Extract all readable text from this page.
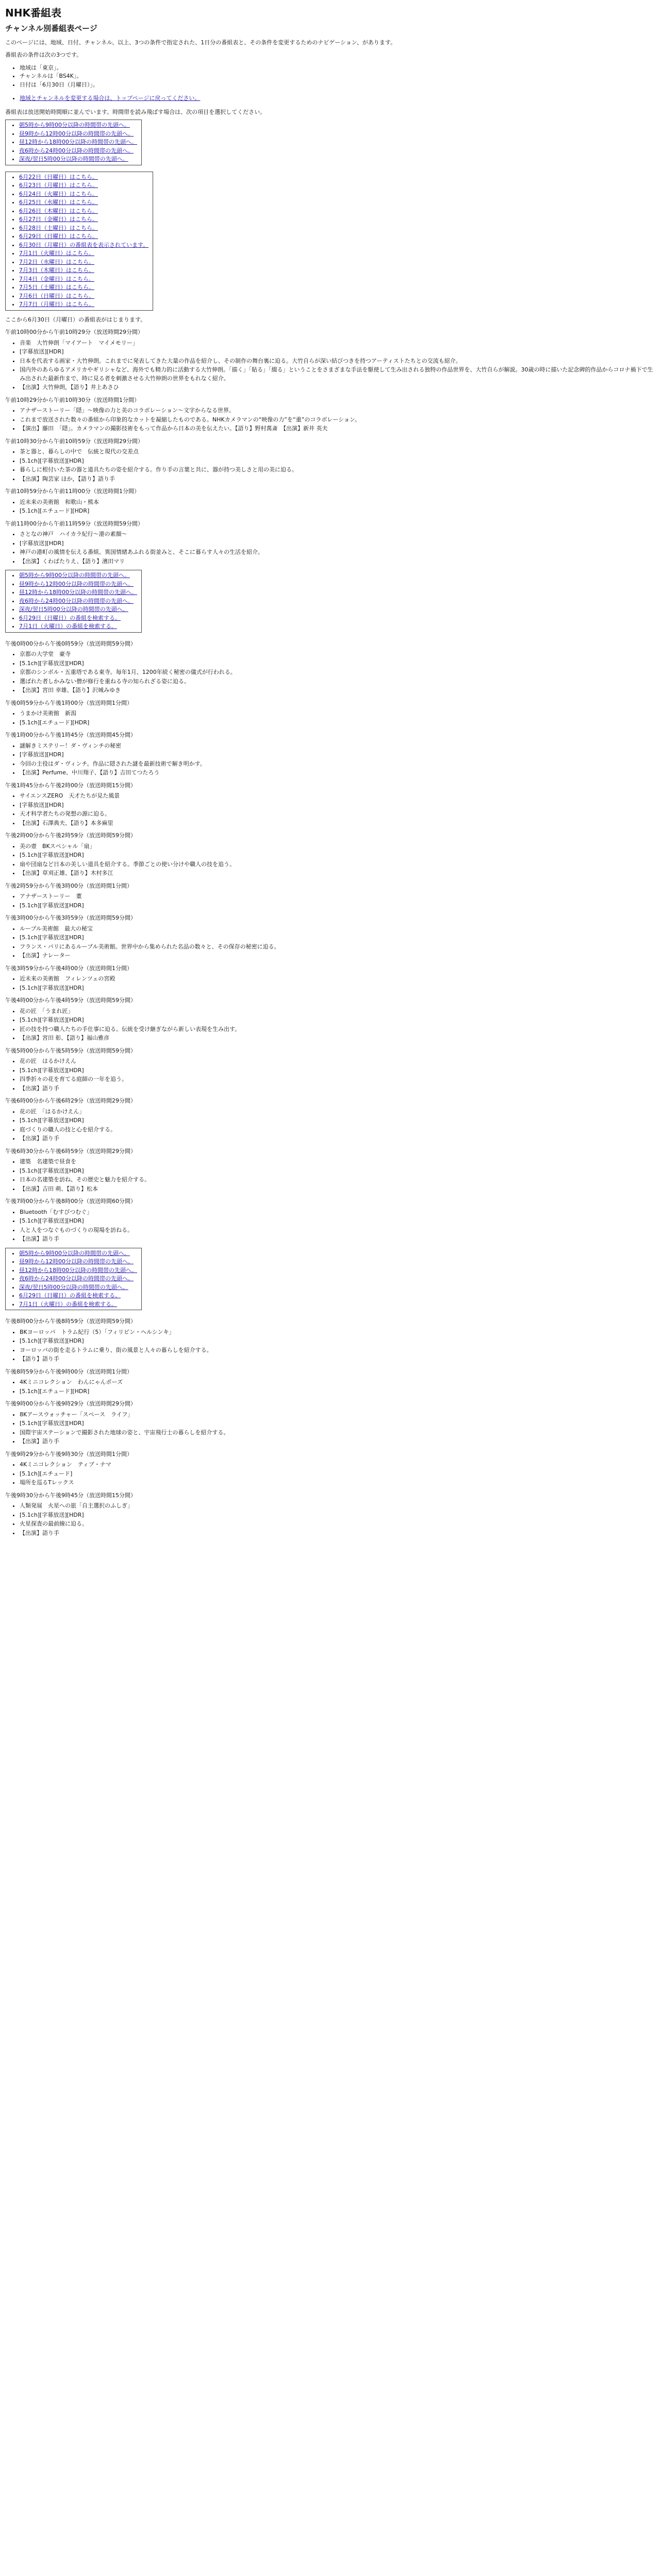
NHK番組表
チャンネル別番組表ページ

このページには、地域、日付、チャンネル、以上、3つの条件で指定された、1日分の番組表と、その条件を変更するためのナビゲーション、があります。

番組表の条件は次の3つです。

• 地域は「東京」。
• チャンネルは「BS4K」。
• 日付は「6月30日（月曜日）」。
• 地域とチャンネルを変更する場合は、トップページに戻ってください。

番組表は放送開始時間順に並んでいます。時間帯を読み飛ばす場合は、次の項目を選択してください。

• 朝5時から9時00分以降の時間帯の先頭へ。
• 昼9時から12時00分以降の時間帯の先頭へ。
• 昼12時から18時00分以降の時間帯の先頭へ。
• 夜6時から24時00分以降の時間帯の先頭へ。
• 深夜/翌日5時00分以降の時間帯の先頭へ。

• 6月22日（日曜日）はこちら。
• 6月23日（月曜日）はこちら。
• 6月24日（火曜日）はこちら。
• 6月25日（水曜日）はこちら。
• 6月26日（木曜日）はこちら。
• 6月27日（金曜日）はこちら。
• 6月28日（土曜日）はこちら。
• 6月29日（日曜日）はこちら。
• 6月30日（月曜日）の番組表を表示されています。
• 7月1日（火曜日）はこちら。
• 7月2日（水曜日）はこちら。
• 7月3日（木曜日）はこちら。
• 7月4日（金曜日）はこちら。
• 7月5日（土曜日）はこちら。
• 7月6日（日曜日）はこちら。
• 7月7日（月曜日）はこちら。

ここから6月30日（月曜日）の番組表がはじまります。

午前10時00分から午前10時29分（放送時間29分間）

• 音楽　大竹伸朗「マイアート　マイメモリー」
• [字幕放送][HDR]
• 日本を代表する画家・大竹伸朗。これまでに発表してきた大量の作品を紹介し、その制作の舞台裏に迫る。大竹自らが深い結びつきを持つアーティストたちとの交流も紹介。
• 国内外のあらゆるアメリカやギリシャなど、海外でも精力的に活動する大竹伸朗。「描く」「貼る」「綴る」ということをさまざまな手法を駆使して生み出される独特の作品世界を、大竹自らが解説。30歳の時に描いた記念碑的作品からコロナ禍下で生み出された最新作まで、時に見る者を刺激させる大竹伸朗の世界をもれなく紹介。
• 【出演】大竹伸朗，【語り】井上あさひ

午前10時29分から午前10時30分（放送時間1分間）

• アナザーストーリー「隠」～映像の力と美のコラボレーション～文字からなる世界。
• これまで放送された数々の番組から印象的なカットを凝縮したものである。NHKカメラマンの“映像の力”を“重”のコラボレーション。
• 【演出】藤田　「隠」。カメラマンの撮影技術をもって作品から日本の美を伝えたい。【語り】野村萬斎　【出演】新井 英夫

午前10時30分から午前10時59分（放送時間29分間）

• 茶と器と、暮らしの中で　伝統と現代の交差点
• [5.1ch][字幕放送][HDR]
• 暮らしに根付いた茶の器と道具たちの姿を紹介する。作り手の言葉と共に、器が持つ美しさと用の美に迫る。
• 【出演】陶芸家 ほか，【語り】語り手

午前10時59分から午前11時00分（放送時間1分間）

• 近未来の美術館　和歌山・熊本
• [5.1ch][エチュード][HDR]

午前11時00分から午前11時59分（放送時間59分間）

• さとなの神戸　ハイカラ紀行～港の素顔～
• [字幕放送][HDR]
• 神戸の港町の風情を伝える番組。異国情緒あふれる街並みと、そこに暮らす人々の生活を紹介。
• 【出演】くわばたりえ、【語り】濱田マリ
• 朝5時から9時00分以降の時間帯の先頭へ。
• 昼9時から12時00分以降の時間帯の先頭へ。
• 昼12時から18時00分以降の時間帯の先頭へ。
• 夜6時から24時00分以降の時間帯の先頭へ。
• 深夜/翌日5時00分以降の時間帯の先頭へ。
• 6月29日（日曜日）の番組を検索する。
• 7月1日（火曜日）の番組を検索する。

午後0時00分から午後0時59分（放送時間59分間）

• 京都の大学堂　豪寺
• [5.1ch][字幕放送][HDR]
• 京都のシンボル・五重塔である東寺。毎年1月、1200年続く秘密の儀式が行われる。
• 選ばれた者しかみない僧が修行を重ねる寺の知られざる姿に迫る。
• 【出演】宮田 幸雄、【語り】沢城みゆき

午後0時59分から午後1時00分（放送時間1分間）

• うまかけ美術館　新潟
• [5.1ch][エチュード][HDR]

午後1時00分から午後1時45分（放送時間45分間）

• 謎解きミステリー！ダ・ヴィンチの秘密
• [字幕放送][HDR]
• 今回の主役はダ・ヴィンチ。作品に隠された謎を最新技術で解き明かす。
• 【出演】Perfume、中川翔子、【語り】吉田てつたろう

午後1時45分から午後2時00分（放送時間15分間）

• サイエンスZERO　天才たちが見た風景
• [字幕放送][HDR]
• 天才科学者たちの発想の源に迫る。
• 【出演】石澤典夫、【語り】本多麻里

午後2時00分から午後2時59分（放送時間59分間）

• 美の壺　BKスペシャル「扇」
• [5.1ch][字幕放送][HDR]
• 扇や団扇など日本の美しい道具を紹介する。季節ごとの使い分けや職人の技を追う。
• 【出演】草刈正雄、【語り】木村多江

午後2時59分から午後3時00分（放送時間1分間）

• アナザーストーリー　董
• [5.1ch][字幕放送][HDR]

午後3時00分から午後3時59分（放送時間59分間）

• ルーブル美術館　最大の秘宝
• [5.1ch][字幕放送][HDR]
• フランス・パリにあるルーブル美術館。世界中から集められた名品の数々と、その保存の秘密に迫る。
• 【出演】ナレーター

午後3時59分から午後4時00分（放送時間1分間）

• 近未来の美術館　フィレンツェの宮殿
• [5.1ch][字幕放送][HDR]

午後4時00分から午後4時59分（放送時間59分間）

• 花の匠　「うまれ匠」
• [5.1ch][字幕放送][HDR]
• 匠の技を持つ職人たちの手仕事に迫る。伝統を受け継ぎながら新しい表現を生み出す。
• 【出演】宮田 彰、【語り】福山雅彦

午後5時00分から午後5時59分（放送時間59分間）

• 花の匠　はるかけえん
• [5.1ch][字幕放送][HDR]
• 四季折々の花を育てる庭師の一年を追う。
• 【出演】語り手

午後6時00分から午後6時29分（放送時間29分間）

• 花の匠　「はるかけえん」
• [5.1ch][字幕放送][HDR]
• 庭づくりの職人の技と心を紹介する。
• 【出演】語り手

午後6時30分から午後6時59分（放送時間29分間）

• 建築　名建築で昼食を
• [5.1ch][字幕放送][HDR]
• 日本の名建築を訪ね、その歴史と魅力を紹介する。
• 【出演】吉田 萌、【語り】松本

午後7時00分から午後8時00分（放送時間60分間）

• Bluetooth「むすびつむぐ」
• [5.1ch][字幕放送][HDR]
• 人と人をつなぐものづくりの現場を訪ねる。
• 【出演】語り手
• 朝5時から9時00分以降の時間帯の先頭へ。
• 昼9時から12時00分以降の時間帯の先頭へ。
• 昼12時から18時00分以降の時間帯の先頭へ。
• 夜6時から24時00分以降の時間帯の先頭へ。
• 深夜/翌日5時00分以降の時間帯の先頭へ。
• 6月29日（日曜日）の番組を検索する。
• 7月1日（火曜日）の番組を検索する。

午後8時00分から午後8時59分（放送時間59分間）

• BKヨーロッパ　トラム紀行（5）「フィリピン・ヘルシンキ」
• [5.1ch][字幕放送][HDR]
• ヨーロッパの街を走るトラムに乗り、街の風景と人々の暮らしを紹介する。
• 【語り】語り手

午後8時59分から午後9時00分（放送時間1分間）

• 4Kミニコレクション　わんにゃんポーズ
• [5.1ch][エチュード][HDR]

午後9時00分から午後9時29分（放送時間29分間）

• 8Kアースウォッチャー「スペース　ライフ」
• [5.1ch][字幕放送][HDR]
• 国際宇宙ステーションで撮影された地球の姿と、宇宙飛行士の暮らしを紹介する。
• 【出演】語り手

午後9時29分から午後9時30分（放送時間1分間）

• 4Kミニコレクション　ティブ・ナマ
• [5.1ch][エチュード]
• 場所を巡るTレックス

午後9時30分から午後9時45分（放送時間15分間）

• 人類発展　火星への旅「自主選択のふしぎ」
• [5.1ch][字幕放送][HDR]
• 火星探査の最前線に迫る。
• 【出演】語り手
